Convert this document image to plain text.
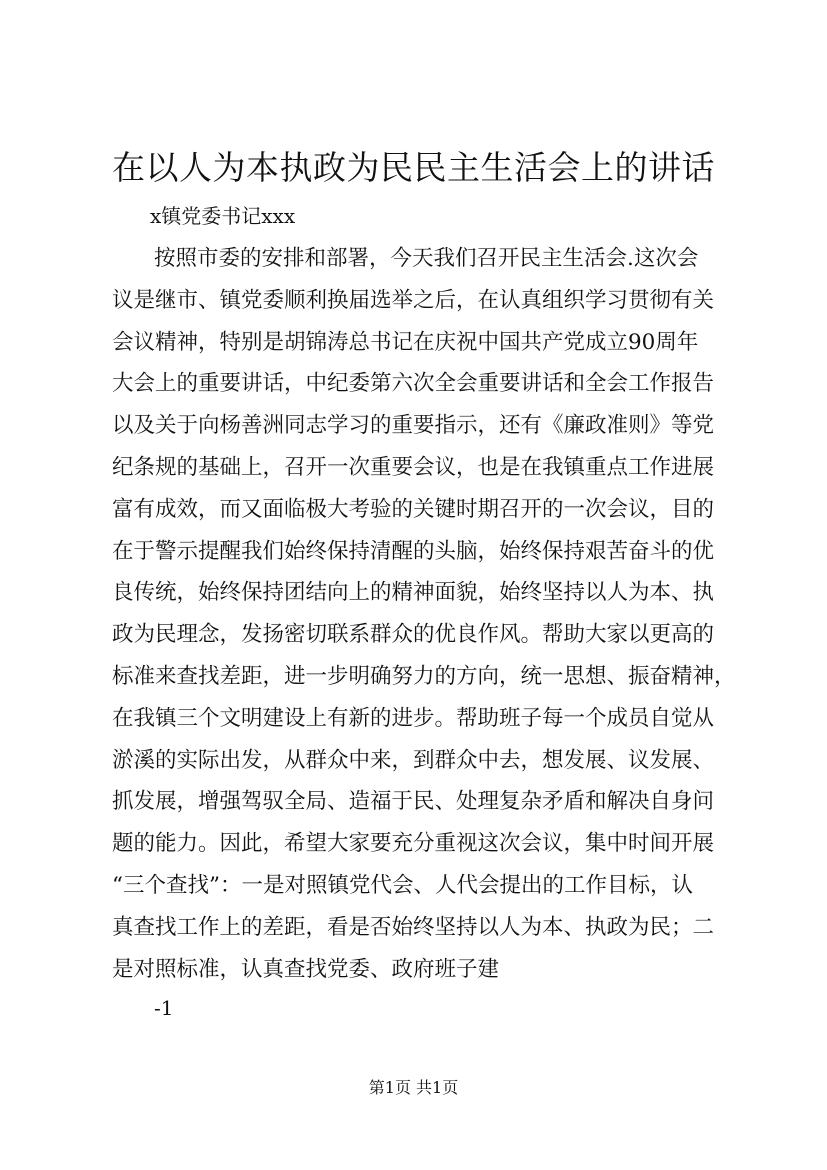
在以人为本执政为民民主生活会上的讲话

x镇党委书记xxx

按照市委的安排和部署，今天我们召开民主生活会.这次会
议是继市、镇党委顺利换届选举之后，在认真组织学习贯彻有关
会议精神，特别是胡锦涛总书记在庆祝中国共产党成立90周年
大会上的重要讲话，中纪委第六次全会重要讲话和全会工作报告
以及关于向杨善洲同志学习的重要指示，还有《廉政准则》等党
纪条规的基础上，召开一次重要会议，也是在我镇重点工作进展
富有成效，而又面临极大考验的关键时期召开的一次会议，目的
在于警示提醒我们始终保持清醒的头脑，始终保持艰苦奋斗的优
良传统，始终保持团结向上的精神面貌，始终坚持以人为本、执
政为民理念，发扬密切联系群众的优良作风。帮助大家以更高的
标准来查找差距，进一步明确努力的方向，统一思想、振奋精神，
在我镇三个文明建设上有新的进步。帮助班子每一个成员自觉从
淤溪的实际出发，从群众中来，到群众中去，想发展、议发展、
抓发展，增强驾驭全局、造福于民、处理复杂矛盾和解决自身问
题的能力。因此，希望大家要充分重视这次会议，集中时间开展
“三个查找”：一是对照镇党代会、人代会提出的工作目标，认
真查找工作上的差距，看是否始终坚持以人为本、执政为民；二
是对照标准，认真查找党委、政府班子建

-1

第1页 共1页
